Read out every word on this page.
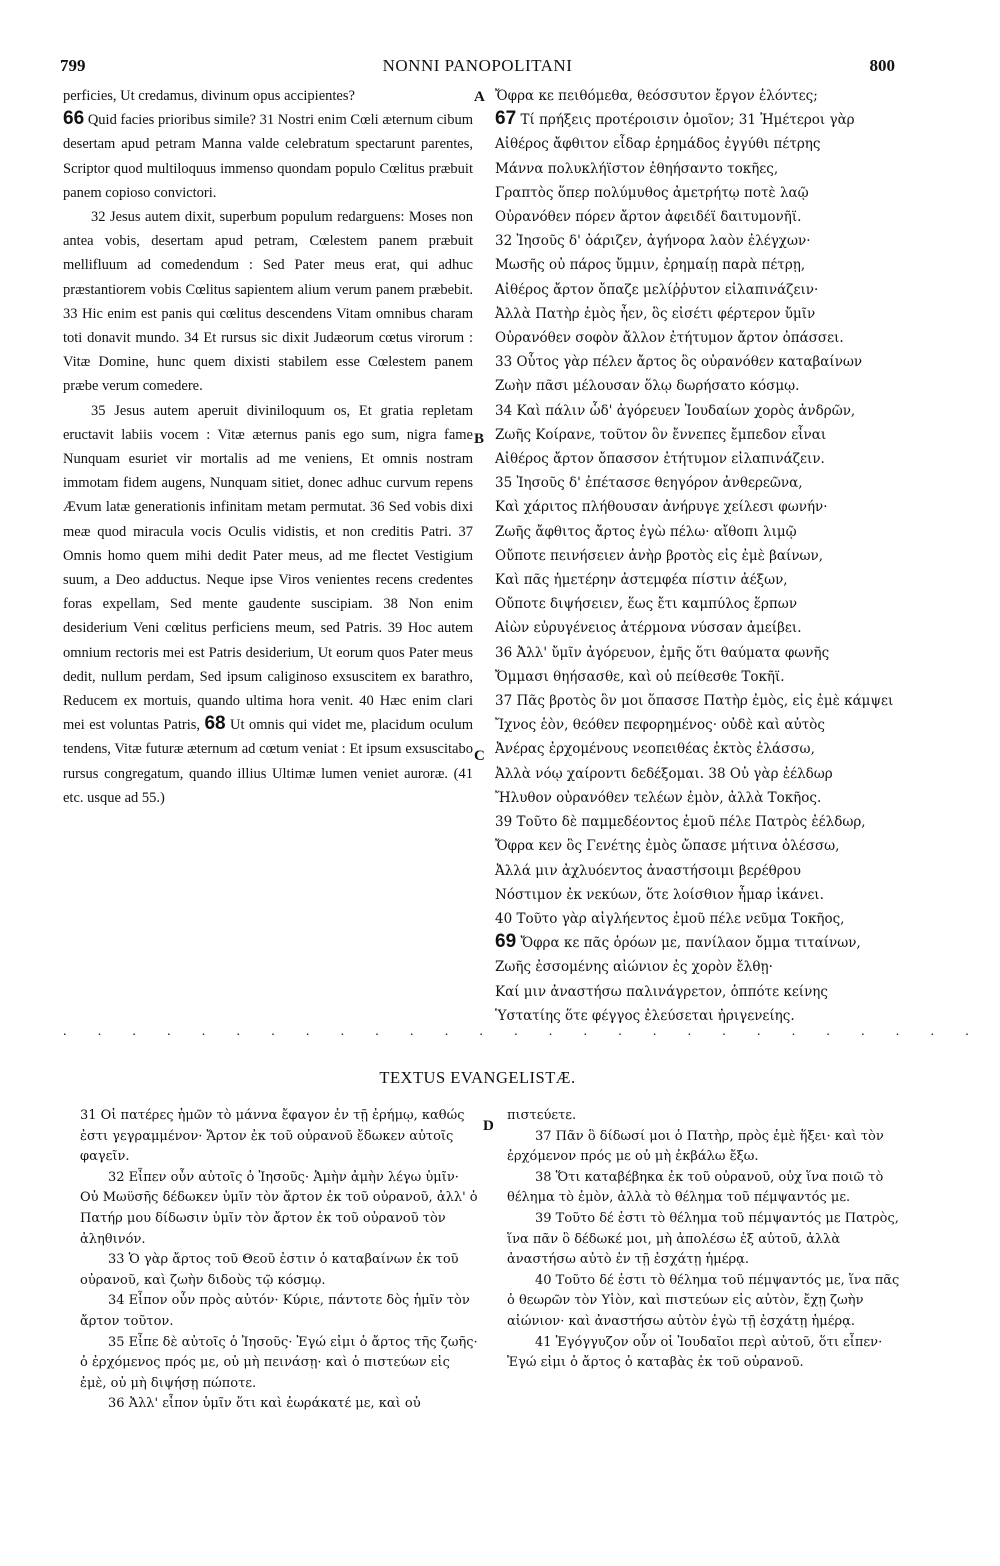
799	NONNI PANOPOLITANI	800

perficies, Ut credamus, divinum opus accipientes?

66 Quid facies prioribus simile? 31 Nostri enim Cœli æternum cibum desertam apud petram Manna valde celebratum spectarunt parentes, Scriptor quod multiloquus immenso quondam populo Cœlitus præbuit panem copioso convictori.

32 Jesus autem dixit, superbum populum redarguens: Moses non antea vobis, desertam apud petram, Cœlestem panem præbuit mellifluum ad comedendum : Sed Pater meus erat, qui adhuc præstantiorem vobis Cœlitus sapientem alium verum panem præbebit. 33 Hic enim est panis qui cœlitus descendens Vitam omnibus charam toti donavit mundo. 34 Et rursus sic dixit Judæorum cœtus virorum : Vitæ Domine, hunc quem dixisti stabilem esse Cœlestem panem præbe verum comedere.

35 Jesus autem aperuit diviniloquum os, Et gratia repletam eructavit labiis vocem : Vitæ æternus panis ego sum, nigra fame Nunquam esuriet vir mortalis ad me veniens, Et omnis nostram immotam fidem augens, Nunquam sitiet, donec adhuc curvum repens Ævum latæ generationis infinitam metam permutat. 36 Sed vobis dixi meæ quod miracula vocis Oculis vidistis, et non creditis Patri. 37 Omnis homo quem mihi dedit Pater meus, ad me flectet Vestigium suum, a Deo adductus. Neque ipse Viros venientes recens credentes foras expellam, Sed mente gaudente suscipiam. 38 Non enim desiderium Veni cœlitus perficiens meum, sed Patris. 39 Hoc autem omnium rectoris mei est Patris desiderium, Ut eorum quos Pater meus dedit, nullum perdam, Sed ipsum caliginoso exsuscitem ex barathro, Reducem ex mortuis, quando ultima hora venit. 40 Hæc enim clari mei est voluntas Patris, 68 Ut omnis qui videt me, placidum oculum tendens, Vitæ futuræ æternum ad cœtum veniat : Et ipsum exsuscitabo rursus congregatum, quando illius Ultimæ lumen veniet auroræ. (41 etc. usque ad 55.)

A
B
C
D

Ὄφρα κε πειθόμεθα, θεόσσυτον ἔργον ἑλόντες;

67 Τί πρήξεις προτέροισιν ὁμοῖον; 31 Ἡμέτεροι γὰρ

Αἰθέρος ἄφθιτον εἶδαρ ἐρημάδος ἐγγύθι πέτρης

Μάννα πολυκλήϊστον ἐθηήσαντο τοκῆες,

Γραπτὸς ὅπερ πολύμυθος ἀμετρήτῳ ποτὲ λαῷ

Οὐρανόθεν πόρεν ἄρτον ἀφειδέϊ δαιτυμονῆϊ.

32 Ἰησοῦς δ' ὀάριζεν, ἀγήνορα λαὸν ἐλέγχων·

Μωσῆς οὐ πάρος ὔμμιν, ἐρημαίῃ παρὰ πέτρῃ,

Αἰθέρος ἄρτον ὄπαζε μελίῤῥυτον εἰλαπινάζειν·

Ἀλλὰ Πατὴρ ἐμὸς ἦεν, ὃς εἰσέτι φέρτερον ὔμῖν

Οὐρανόθεν σοφὸν ἄλλον ἐτήτυμον ἄρτον ὀπάσσει.

33 Οὗτος γὰρ πέλεν ἄρτος ὃς οὐρανόθεν καταβαίνων

Ζωὴν πᾶσι μέλουσαν ὅλῳ δωρήσατο κόσμῳ.

34 Καὶ πάλιν ὧδ' ἀγόρευεν Ἰουδαίων χορὸς ἀνδρῶν,

Ζωῆς Κοίρανε, τοῦτον ὃν ἔννεπες ἔμπεδον εἶναι

Αἰθέρος ἄρτον ὄπασσον ἐτήτυμον εἰλαπινάζειν.

35 Ἰησοῦς δ' ἐπέτασσε θεηγόρον ἀνθερεῶνα,

Καὶ χάριτος πλήθουσαν ἀνήρυγε χείλεσι φωνήν·

Ζωῆς ἄφθιτος ἄρτος ἐγὼ πέλω· αἴθοπι λιμῷ

Οὔποτε πεινήσειεν ἀνὴρ βροτὸς εἰς ἐμὲ βαίνων,

Καὶ πᾶς ἡμετέρην ἀστεμφέα πίστιν ἀέξων,

Οὔποτε διψήσειεν, ἕως ἔτι καμπύλος ἕρπων

Αἰὼν εὐρυγένειος ἀτέρμονα νύσσαν ἀμείβει.

36 Ἀλλ' ὔμῖν ἀγόρευον, ἐμῆς ὅτι θαύματα φωνῆς

Ὄμμασι θηήσασθε, καὶ οὐ πείθεσθε Τοκῆϊ.

37 Πᾶς βροτὸς ὃν μοι ὅπασσε Πατὴρ ἐμὸς, εἰς ἐμὲ κάμψει

Ἴχνος ἑὸν, θεόθεν πεφορημένος· οὐδὲ καὶ αὐτὸς

Ἀνέρας ἐρχομένους νεοπειθέας ἐκτὸς ἐλάσσω,

Ἀλλὰ νόῳ χαίροντι δεδέξομαι. 38 Οὐ γὰρ ἐέλδωρ

Ἤλυθον οὐρανόθεν τελέων ἐμὸν, ἀλλὰ Τοκῆος.

39 Τοῦτο δὲ παμμεδέοντος ἐμοῦ πέλε Πατρὸς ἐέλδωρ,

Ὄφρα κεν ὃς Γενέτης ἐμὸς ὤπασε μήτινα ὀλέσσω,

Ἀλλά μιν ἀχλυόεντος ἀναστήσοιμι βερέθρου

Νόστιμον ἐκ νεκύων, ὅτε λοίσθιον ἦμαρ ἱκάνει.

40 Τοῦτο γὰρ αἰγλήεντος ἐμοῦ πέλε νεῦμα Τοκῆος,

69 Ὄφρα κε πᾶς ὁρόων με, πανίλαον ὄμμα τιταίνων,

Ζωῆς ἐσσομένης αἰώνιον ἐς χορὸν ἔλθῃ·

Καί μιν ἀναστήσω παλινάγρετον, ὁππότε κείνης

Ὑστατίης ὅτε φέγγος ἐλεύσεται ἠριγενείης.

...........................
TEXTUS EVANGELISTÆ.

31 Οἱ πατέρες ἡμῶν τὸ μάννα ἔφαγον ἐν τῇ ἐρήμῳ, καθώς ἐστι γεγραμμένον· Ἄρτον ἐκ τοῦ οὐρανοῦ ἔδωκεν αὐτοῖς φαγεῖν.

32 Εἶπεν οὖν αὐτοῖς ὁ Ἰησοῦς· Ἀμὴν ἀμὴν λέγω ὑμῖν· Οὐ Μωϋσῆς δέδωκεν ὑμῖν τὸν ἄρτον ἐκ τοῦ οὐρανοῦ, ἀλλ' ὁ Πατήρ μου δίδωσιν ὑμῖν τὸν ἄρτον ἐκ τοῦ οὐρανοῦ τὸν ἀληθινόν.

33 Ὁ γὰρ ἄρτος τοῦ Θεοῦ ἐστιν ὁ καταβαίνων ἐκ τοῦ οὐρανοῦ, καὶ ζωὴν διδοὺς τῷ κόσμῳ.

34 Εἶπον οὖν πρὸς αὐτόν· Κύριε, πάντοτε δὸς ἡμῖν τὸν ἄρτον τοῦτον.

35 Εἶπε δὲ αὐτοῖς ὁ Ἰησοῦς· Ἐγώ εἰμι ὁ ἄρτος τῆς ζωῆς· ὁ ἐρχόμενος πρός με, οὐ μὴ πεινάσῃ· καὶ ὁ πιστεύων εἰς ἐμὲ, οὐ μὴ διψήσῃ πώποτε.

36 Ἀλλ' εἶπον ὑμῖν ὅτι καὶ ἑωράκατέ με, καὶ οὐ

πιστεύετε.

37 Πᾶν ὃ δίδωσί μοι ὁ Πατὴρ, πρὸς ἐμὲ ἥξει· καὶ τὸν ἐρχόμενον πρός με οὐ μὴ ἐκβάλω ἔξω.

38 Ὅτι καταβέβηκα ἐκ τοῦ οὐρανοῦ, οὐχ ἵνα ποιῶ τὸ θέλημα τὸ ἐμὸν, ἀλλὰ τὸ θέλημα τοῦ πέμψαντός με.

39 Τοῦτο δέ ἐστι τὸ θέλημα τοῦ πέμψαντός με Πατρὸς, ἵνα πᾶν ὃ δέδωκέ μοι, μὴ ἀπολέσω ἐξ αὐτοῦ, ἀλλὰ ἀναστήσω αὐτὸ ἐν τῇ ἐσχάτῃ ἡμέρᾳ.

40 Τοῦτο δέ ἐστι τὸ θέλημα τοῦ πέμψαντός με, ἵνα πᾶς ὁ θεωρῶν τὸν Υἱὸν, καὶ πιστεύων εἰς αὐτὸν, ἔχῃ ζωὴν αἰώνιον· καὶ ἀναστήσω αὐτὸν ἐγὼ τῇ ἐσχάτῃ ἡμέρᾳ.

41 Ἐγόγγυζον οὖν οἱ Ἰουδαῖοι περὶ αὐτοῦ, ὅτι εἶπεν· Ἐγώ εἰμι ὁ ἄρτος ὁ καταβὰς ἐκ τοῦ οὐρανοῦ.
